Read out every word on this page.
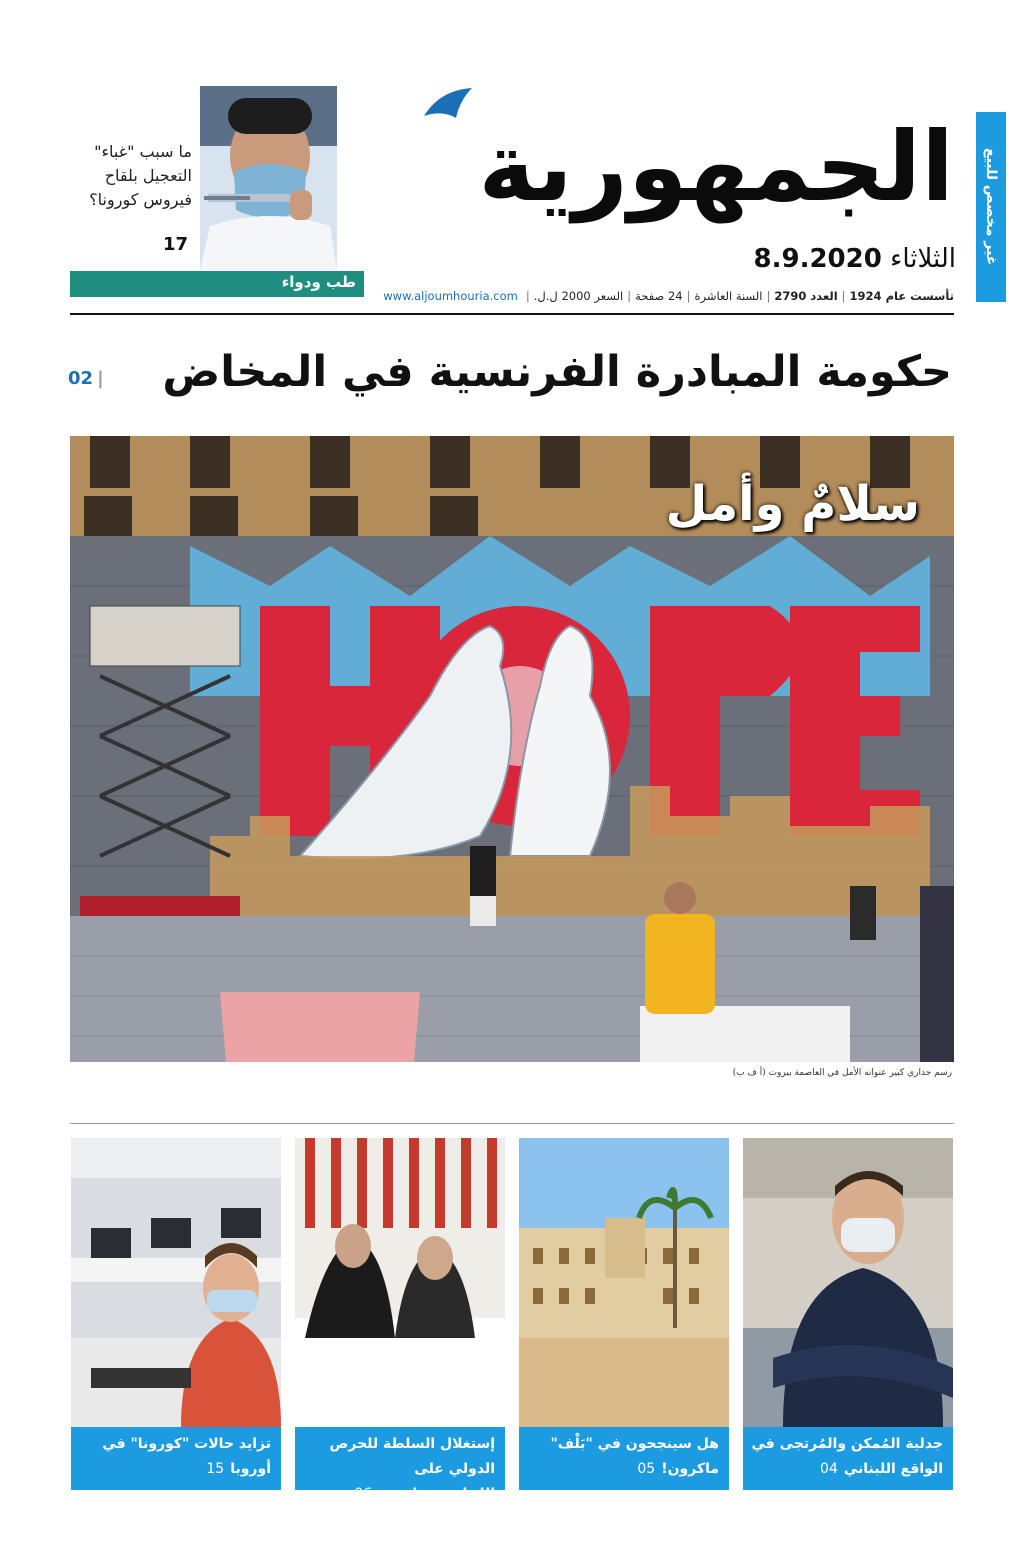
غير مخصص للبيع
الجمهورية
الثلاثاء 8.9.2020
تأسست عام 1924|العدد 2790|السنة العاشرة|24 صفحة|السعر 2000 ل.ل.|www.aljoumhouria.com
ما سبب "غباء" التعجيل بلقاح فيروس كورونا؟
17
طب ودواء
حكومة المبادرة الفرنسية في المخاض
02 |
سلامٌ وأمل
رسم جداري كبير عنوانه الأمل في العاصمة بيروت (أ ف ب)
جدلية المُمكن والمُرتجى في الواقع اللبناني04
هل سينجحون في "بَلْف" ماكرون!05
إستغلال السلطة للحرص الدولي على اللبنانيين...إنتهى06
تزايد حالات "كورونا" في أوروبا15
